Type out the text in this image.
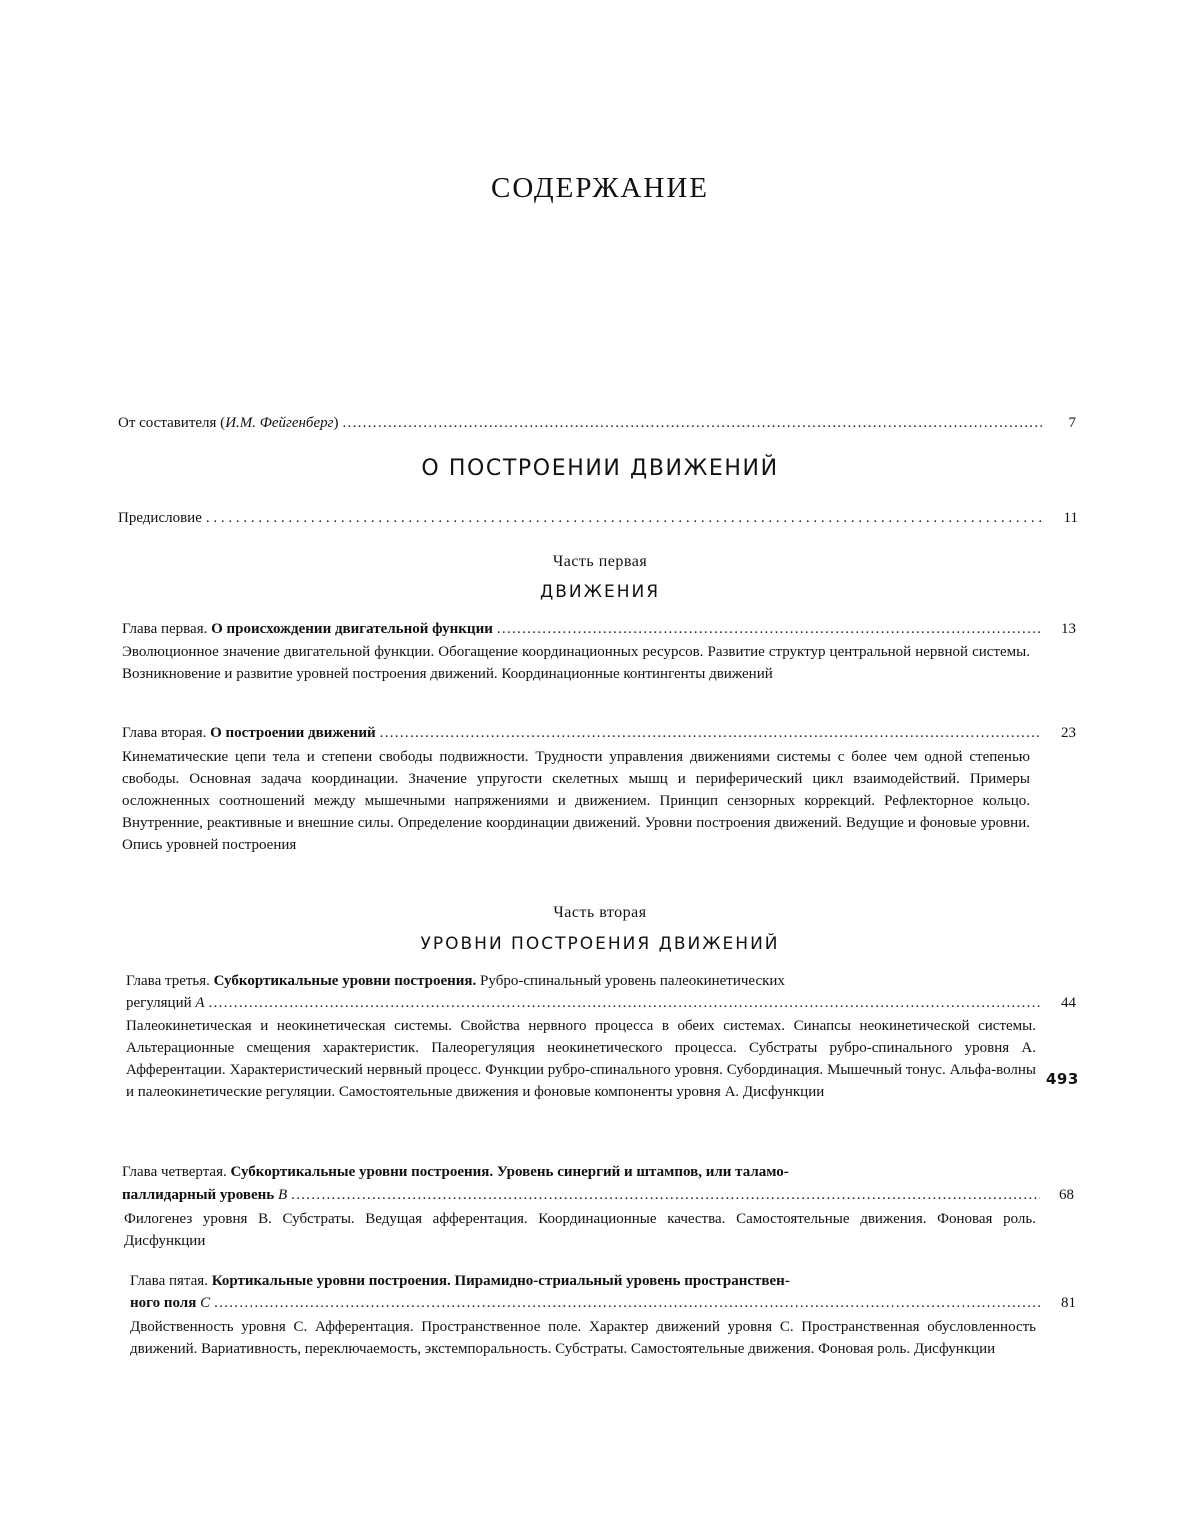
СОДЕРЖАНИЕ
От составителя (И.М. Фейгенберг) .....	7
О ПОСТРОЕНИИ ДВИЖЕНИЙ
Предисловие . . .	11
Часть первая
ДВИЖЕНИЯ
Глава первая. О происхождении двигательной функции .....	13

Эволюционное значение двигательной функции. Обогащение координационных ресурсов. Развитие структур центральной нервной системы. Возникновение и развитие уровней построения движений. Координационные контингенты движений

Глава вторая. О построении движений .....	23

Кинематические цепи тела и степени свободы подвижности. Трудности управления движениями системы с более чем одной степенью свободы. Основная задача координации. Значение упругости скелетных мышц и периферический цикл взаимодействий. Примеры осложненных соотношений между мышечными напряжениями и движением. Принцип сензорных коррекций. Рефлекторное кольцо. Внутренние, реактивные и внешние силы. Определение координации движений. Уровни построения движений. Ведущие и фоновые уровни. Опись уровней построения

Часть вторая
УРОВНИ ПОСТРОЕНИЯ ДВИЖЕНИЙ
Глава третья. Субкортикальные уровни построения. Рубро-спинальный уровень палеокинетических
регуляций А .....	44

Палеокинетическая и неокинетическая системы. Свойства нервного процесса в обеих системах. Синапсы неокинетической системы. Альтерационные смещения характеристик. Палеорегуляция неокинетического процесса. Субстраты рубро-спинального уровня А. Афферентации. Характеристический нервный процесс. Функции рубро-спинального уровня. Субординация. Мышечный тонус. Альфа-волны и палеокинетические регуляции. Самостоятельные движения и фоновые компоненты уровня А. Дисфункции

Глава четвертая. Субкортикальные уровни построения. Уровень синергий и штампов, или таламо-
паллидарный уровень В .....	68

Филогенез уровня В. Субстраты. Ведущая афферентация. Координационные качества. Самостоятельные движения. Фоновая роль. Дисфункции

Глава пятая. Кортикальные уровни построения. Пирамидно-стриальный уровень пространствен-
ного поля С .....	81

Двойственность уровня С. Афферентация. Пространственное поле. Характер движений уровня С. Пространственная обусловленность движений. Вариативность, переключаемость, экстемпоральность. Субстраты. Самостоятельные движения. Фоновая роль. Дисфункции

493
